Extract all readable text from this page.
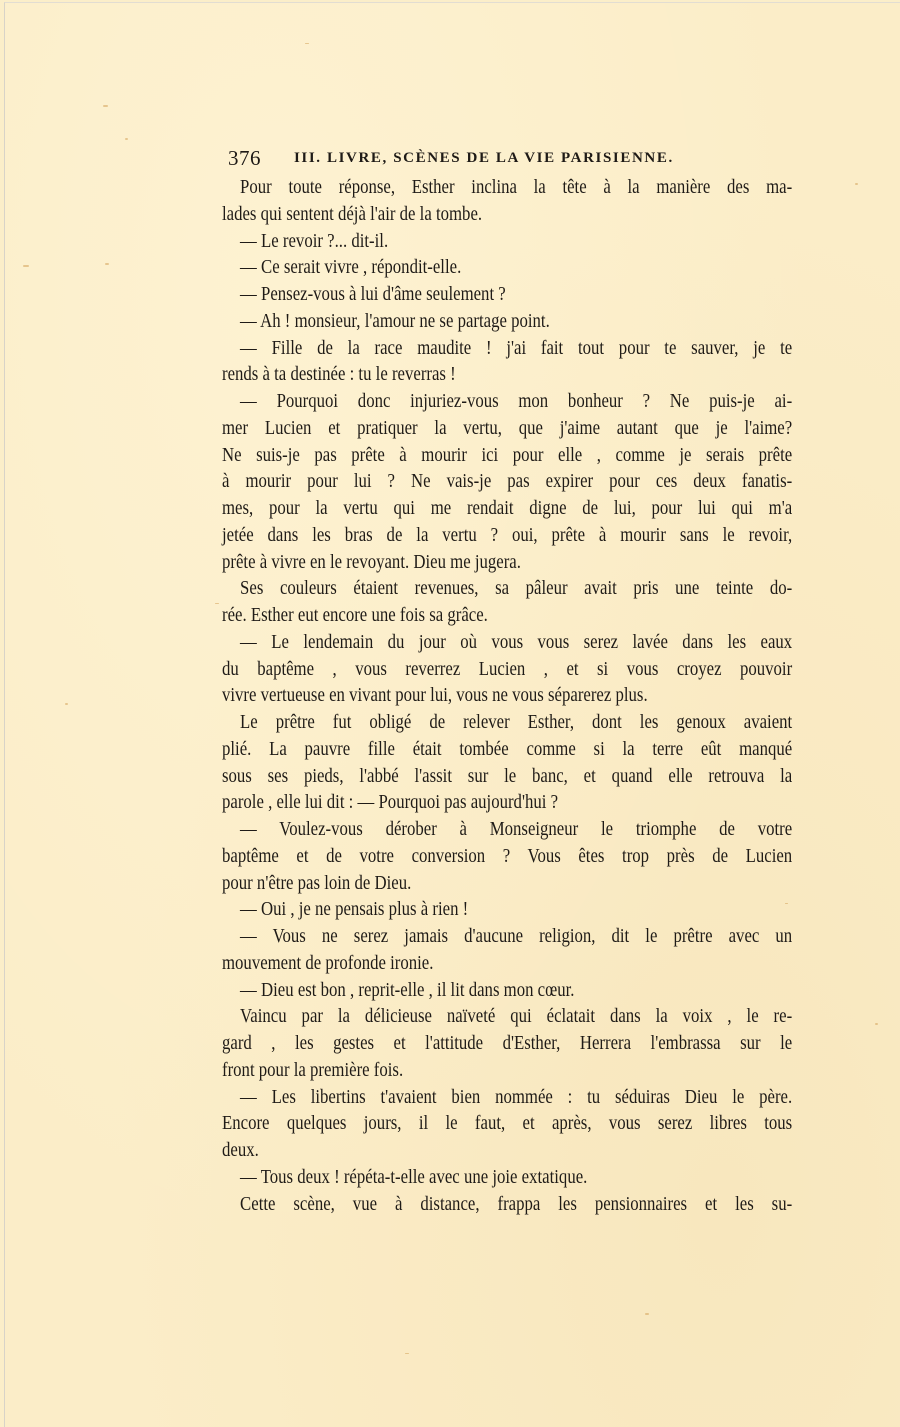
376 III. LIVRE, SCÈNES DE LA VIE PARISIENNE.
Pour toute réponse, Esther inclina la tête à la manière des ma-
lades qui sentent déjà l'air de la tombe.
— Le revoir ?... dit-il.
— Ce serait vivre , répondit-elle.
— Pensez-vous à lui d'âme seulement ?
— Ah ! monsieur, l'amour ne se partage point.
— Fille de la race maudite ! j'ai fait tout pour te sauver, je te
rends à ta destinée : tu le reverras !
— Pourquoi donc injuriez-vous mon bonheur ? Ne puis-je ai-
mer Lucien et pratiquer la vertu, que j'aime autant que je l'aime?
Ne suis-je pas prête à mourir ici pour elle , comme je serais prête
à mourir pour lui ? Ne vais-je pas expirer pour ces deux fanatis-
mes, pour la vertu qui me rendait digne de lui, pour lui qui m'a
jetée dans les bras de la vertu ? oui, prête à mourir sans le revoir,
prête à vivre en le revoyant. Dieu me jugera.
Ses couleurs étaient revenues, sa pâleur avait pris une teinte do-
rée. Esther eut encore une fois sa grâce.
— Le lendemain du jour où vous vous serez lavée dans les eaux
du baptême , vous reverrez Lucien , et si vous croyez pouvoir
vivre vertueuse en vivant pour lui, vous ne vous séparerez plus.
Le prêtre fut obligé de relever Esther, dont les genoux avaient
plié. La pauvre fille était tombée comme si la terre eût manqué
sous ses pieds, l'abbé l'assit sur le banc, et quand elle retrouva la
parole , elle lui dit : — Pourquoi pas aujourd'hui ?
— Voulez-vous dérober à Monseigneur le triomphe de votre
baptême et de votre conversion ? Vous êtes trop près de Lucien
pour n'être pas loin de Dieu.
— Oui , je ne pensais plus à rien !
— Vous ne serez jamais d'aucune religion, dit le prêtre avec un
mouvement de profonde ironie.
— Dieu est bon , reprit-elle , il lit dans mon cœur.
Vaincu par la délicieuse naïveté qui éclatait dans la voix , le re-
gard , les gestes et l'attitude d'Esther, Herrera l'embrassa sur le
front pour la première fois.
— Les libertins t'avaient bien nommée : tu séduiras Dieu le père.
Encore quelques jours, il le faut, et après, vous serez libres tous
deux.
— Tous deux ! répéta-t-elle avec une joie extatique.
Cette scène, vue à distance, frappa les pensionnaires et les su-
